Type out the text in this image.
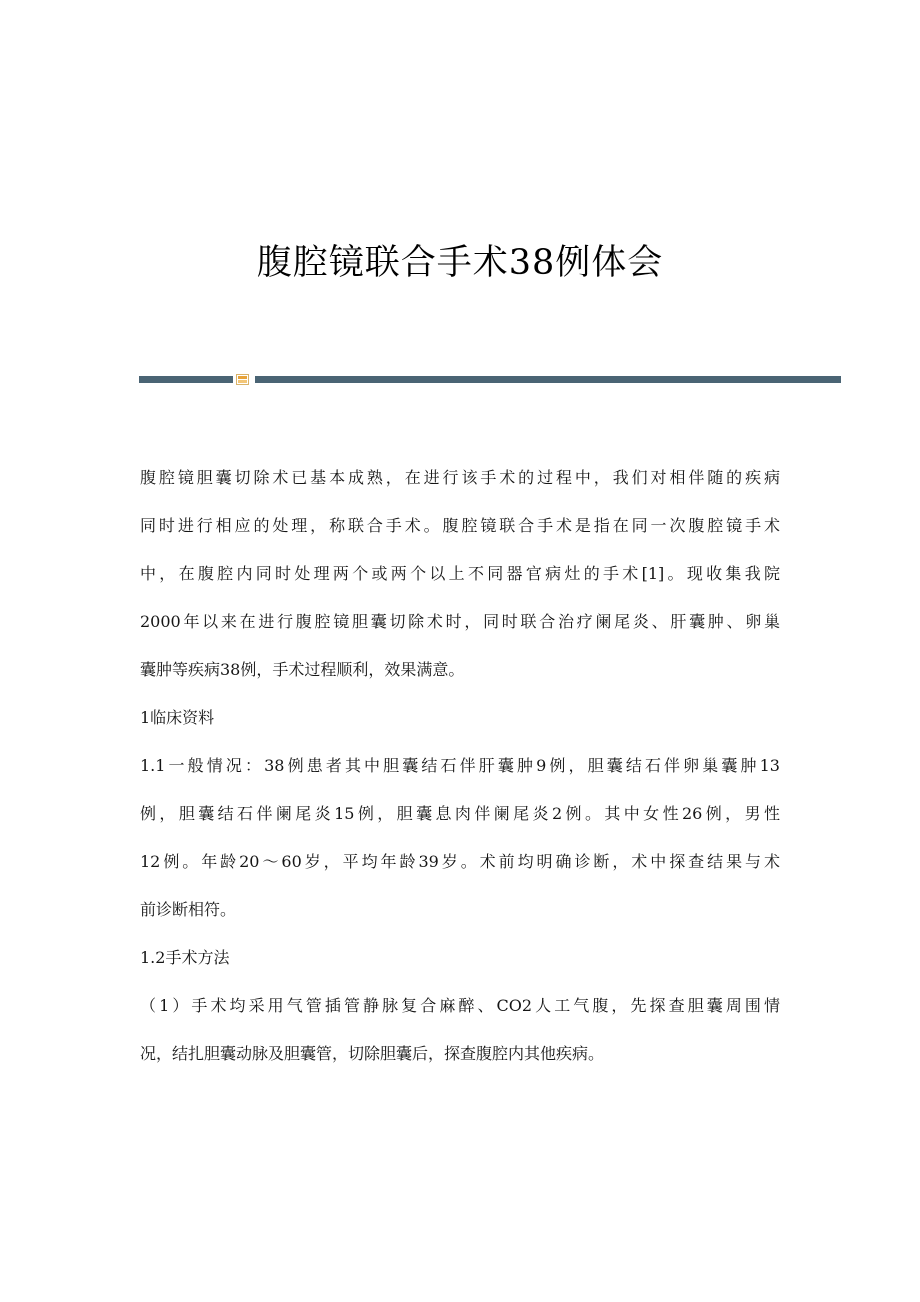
腹腔镜联合手术38例体会
腹腔镜胆囊切除术已基本成熟，在进行该手术的过程中，我们对相伴随的疾病
同时进行相应的处理，称联合手术。腹腔镜联合手术是指在同一次腹腔镜手术
中，在腹腔内同时处理两个或两个以上不同器官病灶的手术[1]。现收集我院
2000年以来在进行腹腔镜胆囊切除术时，同时联合治疗阑尾炎、肝囊肿、卵巢
囊肿等疾病38例，手术过程顺利，效果满意。
1临床资料
1.1一般情况：38例患者其中胆囊结石伴肝囊肿9例，胆囊结石伴卵巢囊肿13
例，胆囊结石伴阑尾炎15例，胆囊息肉伴阑尾炎2例。其中女性26例，男性
12例。年龄20～60岁，平均年龄39岁。术前均明确诊断，术中探查结果与术
前诊断相符。
1.2手术方法
（1）手术均采用气管插管静脉复合麻醉、CO2人工气腹，先探查胆囊周围情
况，结扎胆囊动脉及胆囊管，切除胆囊后，探查腹腔内其他疾病。
